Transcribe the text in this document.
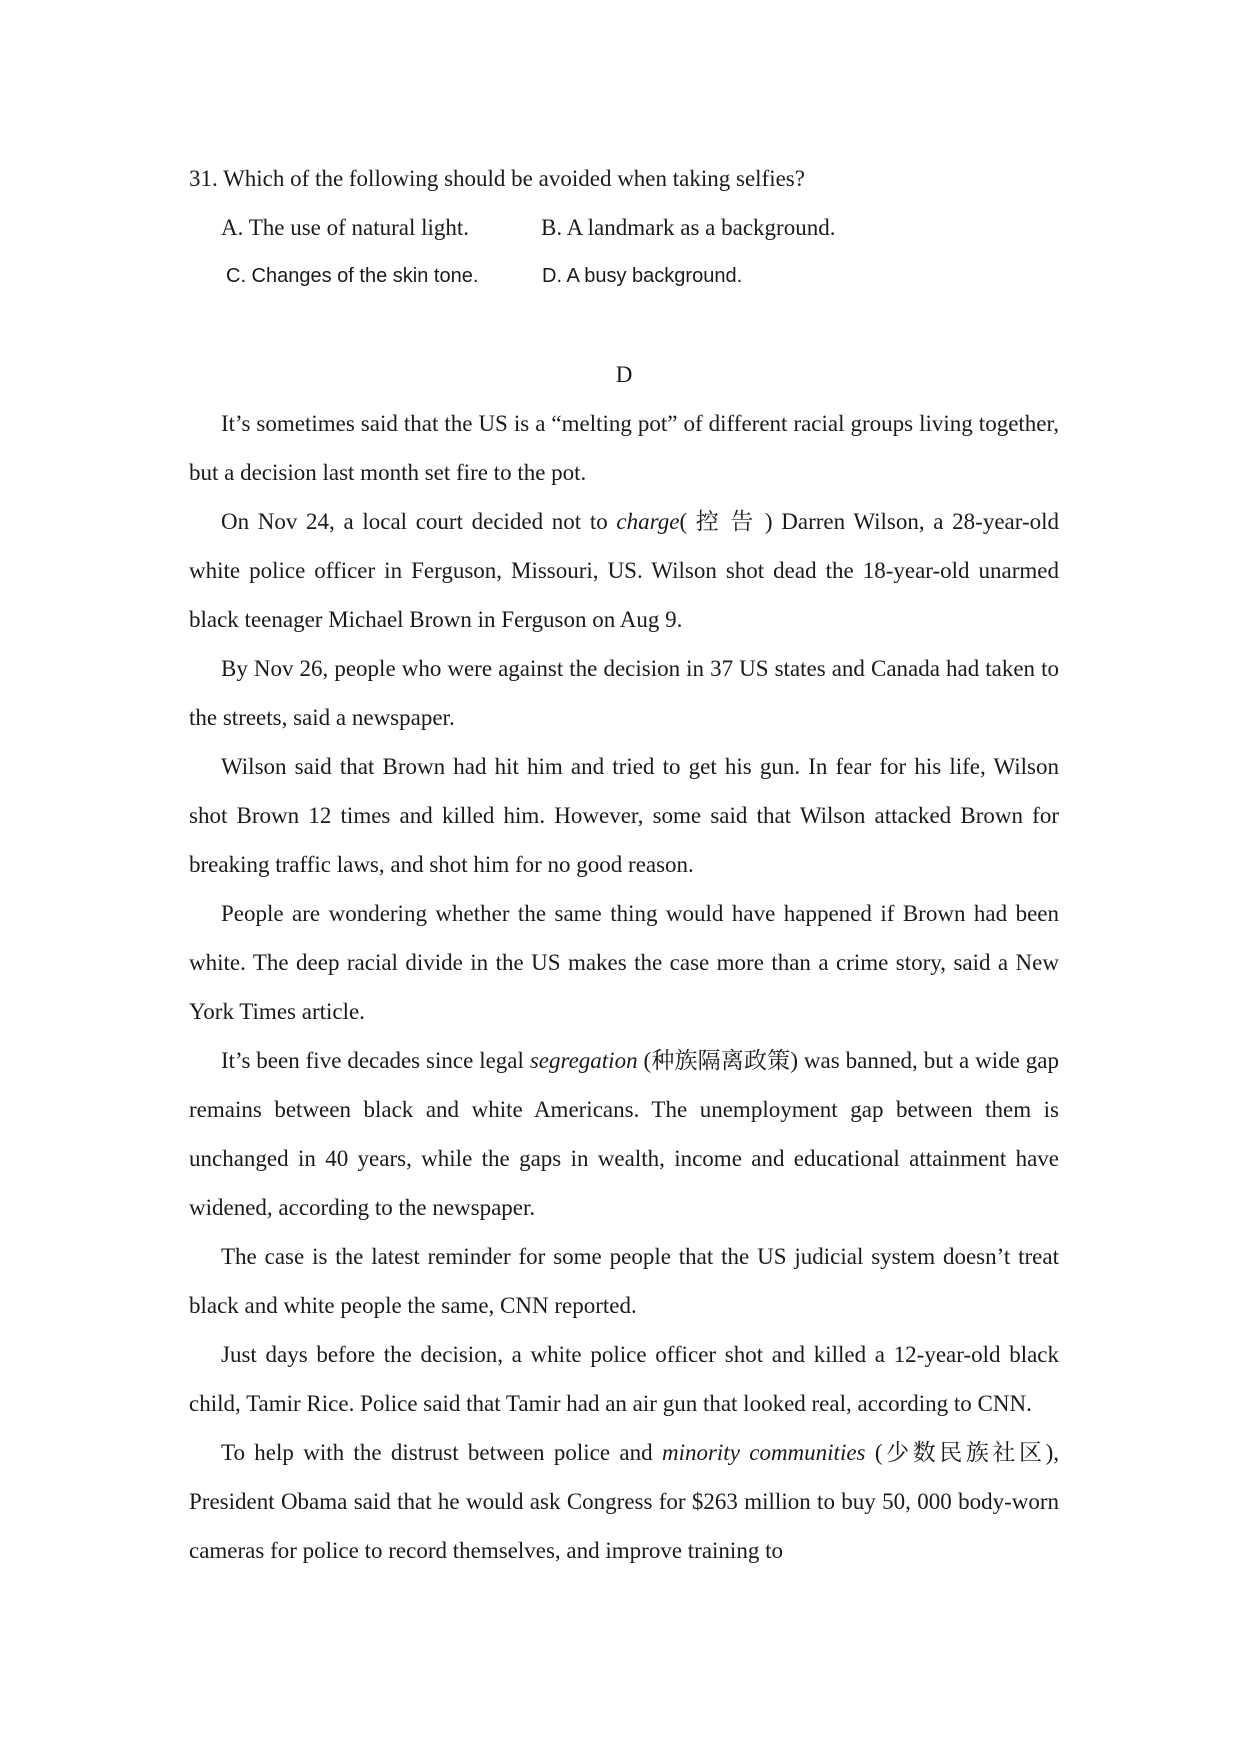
31. Which of the following should be avoided when taking selfies?
A. The use of natural light.	B. A landmark as a background.
C. Changes of the skin tone.	D. A busy background.
D

It’s sometimes said that the US is a “melting pot” of different racial groups living together, but a decision last month set fire to the pot.

On Nov 24, a local court decided not to charge( 控 告 ) Darren Wilson, a 28-year-old white police officer in Ferguson, Missouri, US. Wilson shot dead the 18-year-old unarmed black teenager Michael Brown in Ferguson on Aug 9.

By Nov 26, people who were against the decision in 37 US states and Canada had taken to the streets, said a newspaper.

Wilson said that Brown had hit him and tried to get his gun. In fear for his life, Wilson shot Brown 12 times and killed him. However, some said that Wilson attacked Brown for breaking traffic laws, and shot him for no good reason.

People are wondering whether the same thing would have happened if Brown had been white. The deep racial divide in the US makes the case more than a crime story, said a New York Times article.

It’s been five decades since legal segregation (种族隔离政策) was banned, but a wide gap remains between black and white Americans. The unemployment gap between them is unchanged in 40 years, while the gaps in wealth, income and educational attainment have widened, according to the newspaper.

The case is the latest reminder for some people that the US judicial system doesn’t treat black and white people the same, CNN reported.

Just days before the decision, a white police officer shot and killed a 12-year-old black child, Tamir Rice. Police said that Tamir had an air gun that looked real, according to CNN.

To help with the distrust between police and minority communities (少数民族社区), President Obama said that he would ask Congress for $263 million to buy 50, 000 body-worn cameras for police to record themselves, and improve training to
